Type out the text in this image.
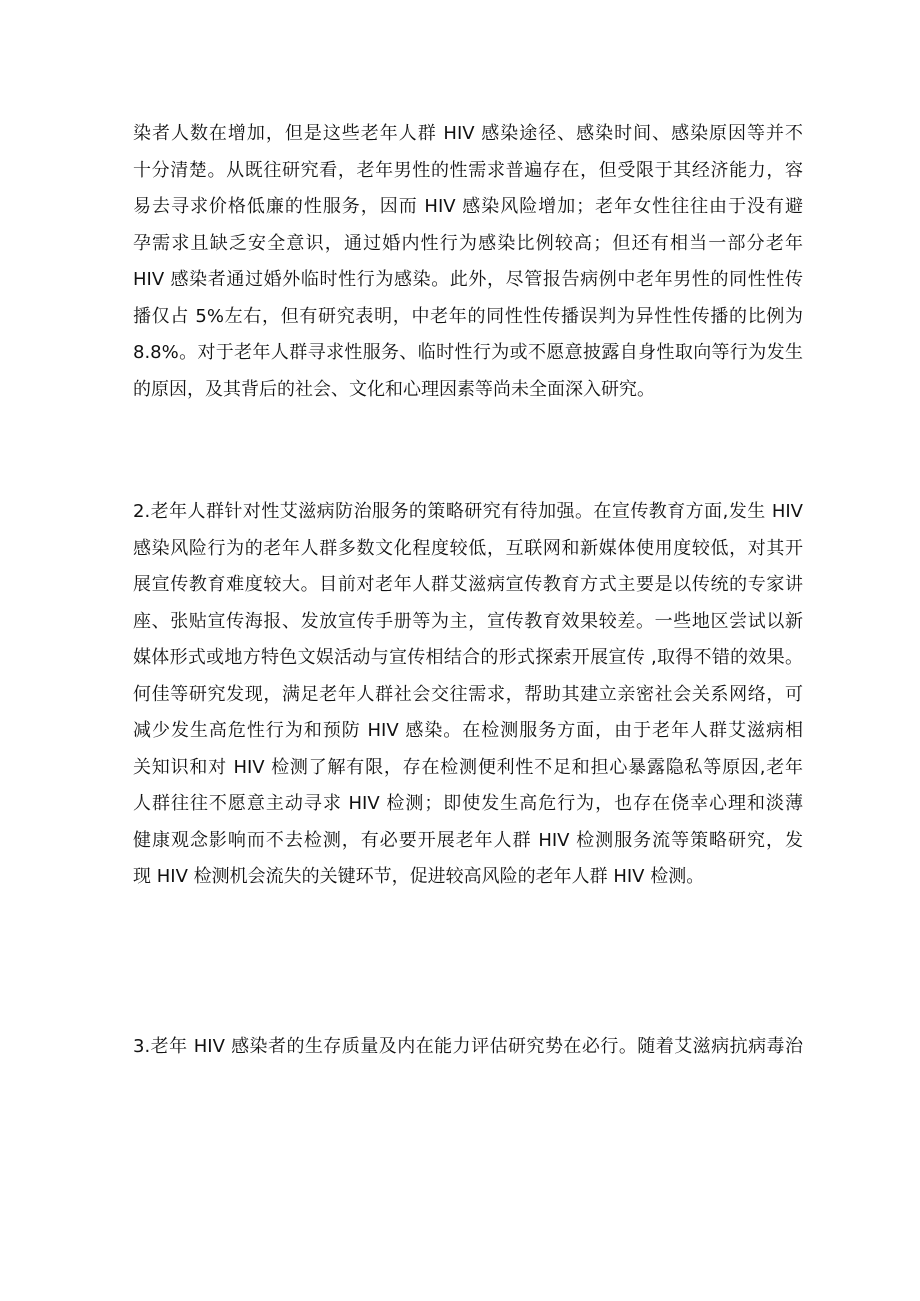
染者人数在增加，但是这些老年人群 HIV 感染途径、感染时间、感染原因等并不
十分清楚。从既往研究看，老年男性的性需求普遍存在，但受限于其经济能力，容
易去寻求价格低廉的性服务，因而 HIV 感染风险增加；老年女性往往由于没有避
孕需求且缺乏安全意识，通过婚内性行为感染比例较高；但还有相当一部分老年
HIV 感染者通过婚外临时性行为感染。此外，尽管报告病例中老年男性的同性性传
播仅占 5%左右，但有研究表明，中老年的同性性传播误判为异性性传播的比例为
8.8%。对于老年人群寻求性服务、临时性行为或不愿意披露自身性取向等行为发生
的原因，及其背后的社会、文化和心理因素等尚未全面深入研究。
2.老年人群针对性艾滋病防治服务的策略研究有待加强。在宣传教育方面,发生 HIV
感染风险行为的老年人群多数文化程度较低，互联网和新媒体使用度较低，对其开
展宣传教育难度较大。目前对老年人群艾滋病宣传教育方式主要是以传统的专家讲
座、张贴宣传海报、发放宣传手册等为主，宣传教育效果较差。一些地区尝试以新
媒体形式或地方特色文娱活动与宣传相结合的形式探索开展宣传 ,取得不错的效果。
何佳等研究发现，满足老年人群社会交往需求，帮助其建立亲密社会关系网络，可
减少发生高危性行为和预防 HIV 感染。在检测服务方面，由于老年人群艾滋病相
关知识和对 HIV 检测了解有限，存在检测便利性不足和担心暴露隐私等原因,老年
人群往往不愿意主动寻求 HIV 检测；即使发生高危行为，也存在侥幸心理和淡薄
健康观念影响而不去检测，有必要开展老年人群 HIV 检测服务流等策略研究，发
现 HIV 检测机会流失的关键环节，促进较高风险的老年人群 HIV 检测。
3.老年 HIV 感染者的生存质量及内在能力评估研究势在必行。随着艾滋病抗病毒治
